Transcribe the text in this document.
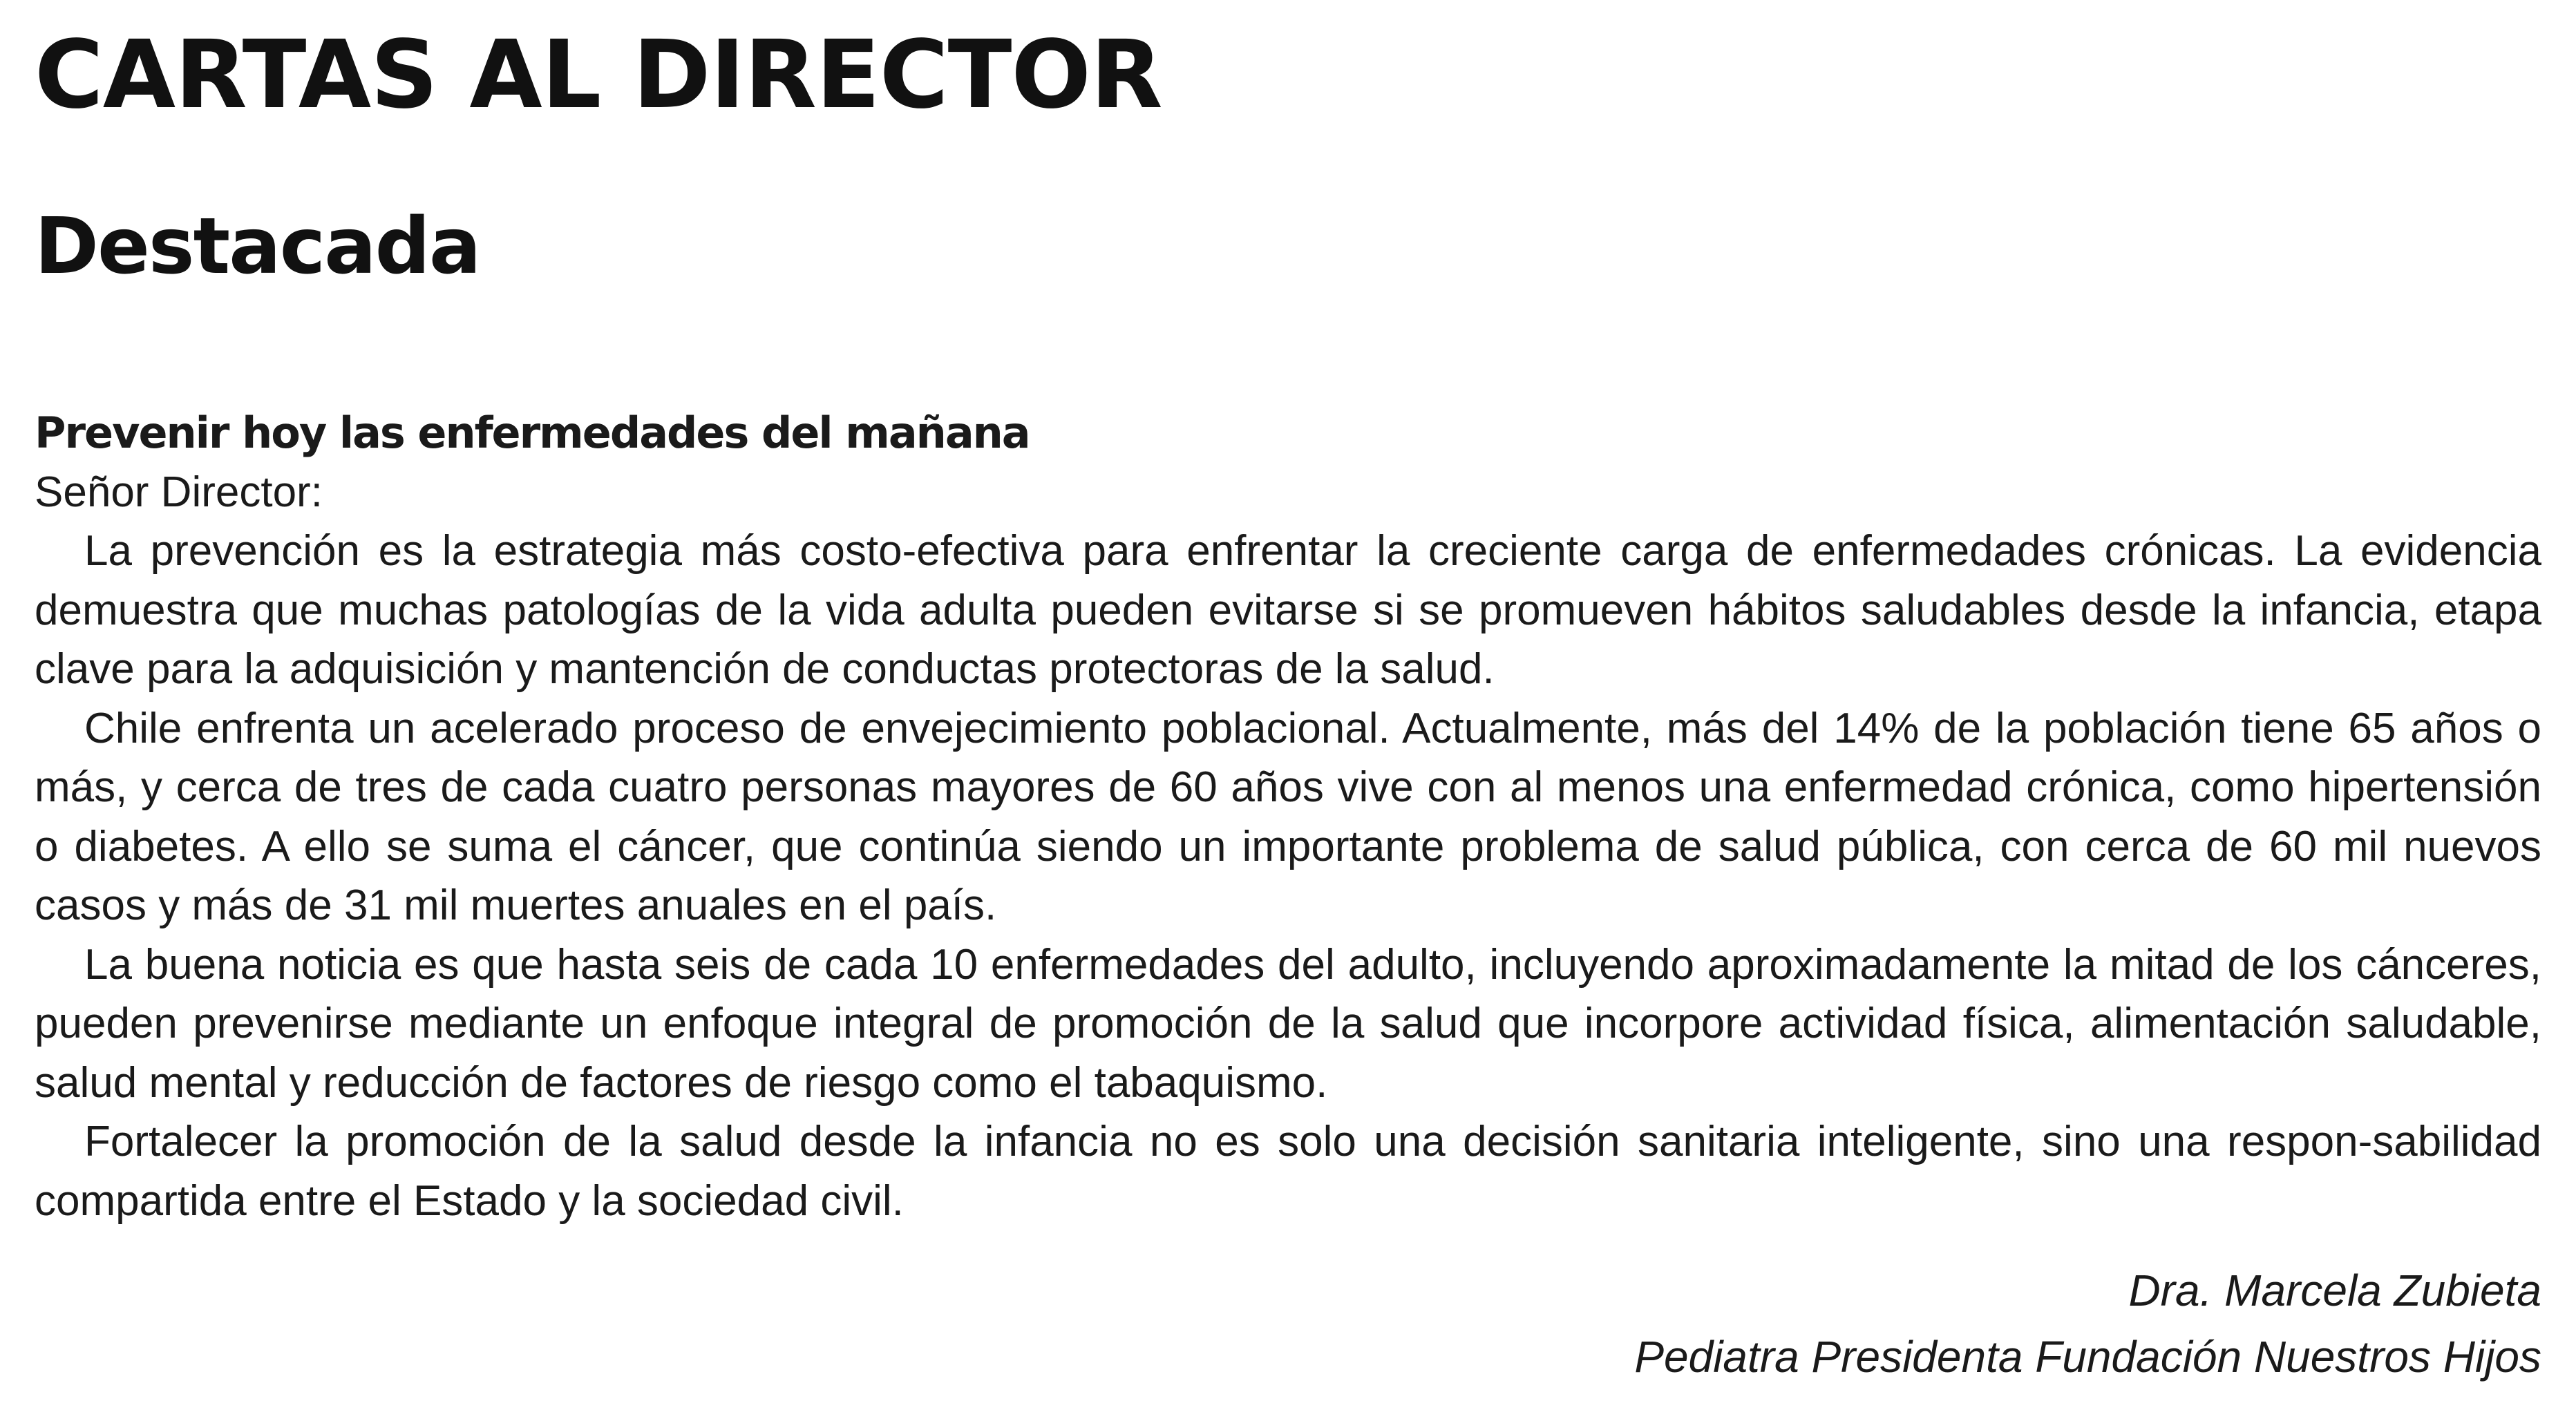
CARTAS AL DIRECTOR
Destacada
Prevenir hoy las enfermedades del mañana

Señor Director:

La prevención es la estrategia más costo-efectiva para enfrentar la creciente carga de enfermedades crónicas. La evidencia demuestra que muchas patologías de la vida adulta pueden evitarse si se promueven hábitos saludables desde la infancia, etapa clave para la adquisición y mantención de conductas protectoras de la salud.

Chile enfrenta un acelerado proceso de envejecimiento poblacional. Actualmente, más del 14% de la población tiene 65 años o más, y cerca de tres de cada cuatro personas mayores de 60 años vive con al menos una enfermedad crónica, como hipertensión o diabetes. A ello se suma el cáncer, que continúa siendo un importante problema de salud pública, con cerca de 60 mil nuevos casos y más de 31 mil muertes anuales en el país.

La buena noticia es que hasta seis de cada 10 enfermedades del adulto, incluyendo aproximadamente la mitad de los cánceres, pueden prevenirse mediante un enfoque integral de promoción de la salud que incorpore actividad física, alimentación saludable, salud mental y reducción de factores de riesgo como el tabaquismo.

Fortalecer la promoción de la salud desde la infancia no es solo una decisión sanitaria inteligente, sino una respon-sabilidad compartida entre el Estado y la sociedad civil.

Dra. Marcela Zubieta
Pediatra Presidenta Fundación Nuestros Hijos
